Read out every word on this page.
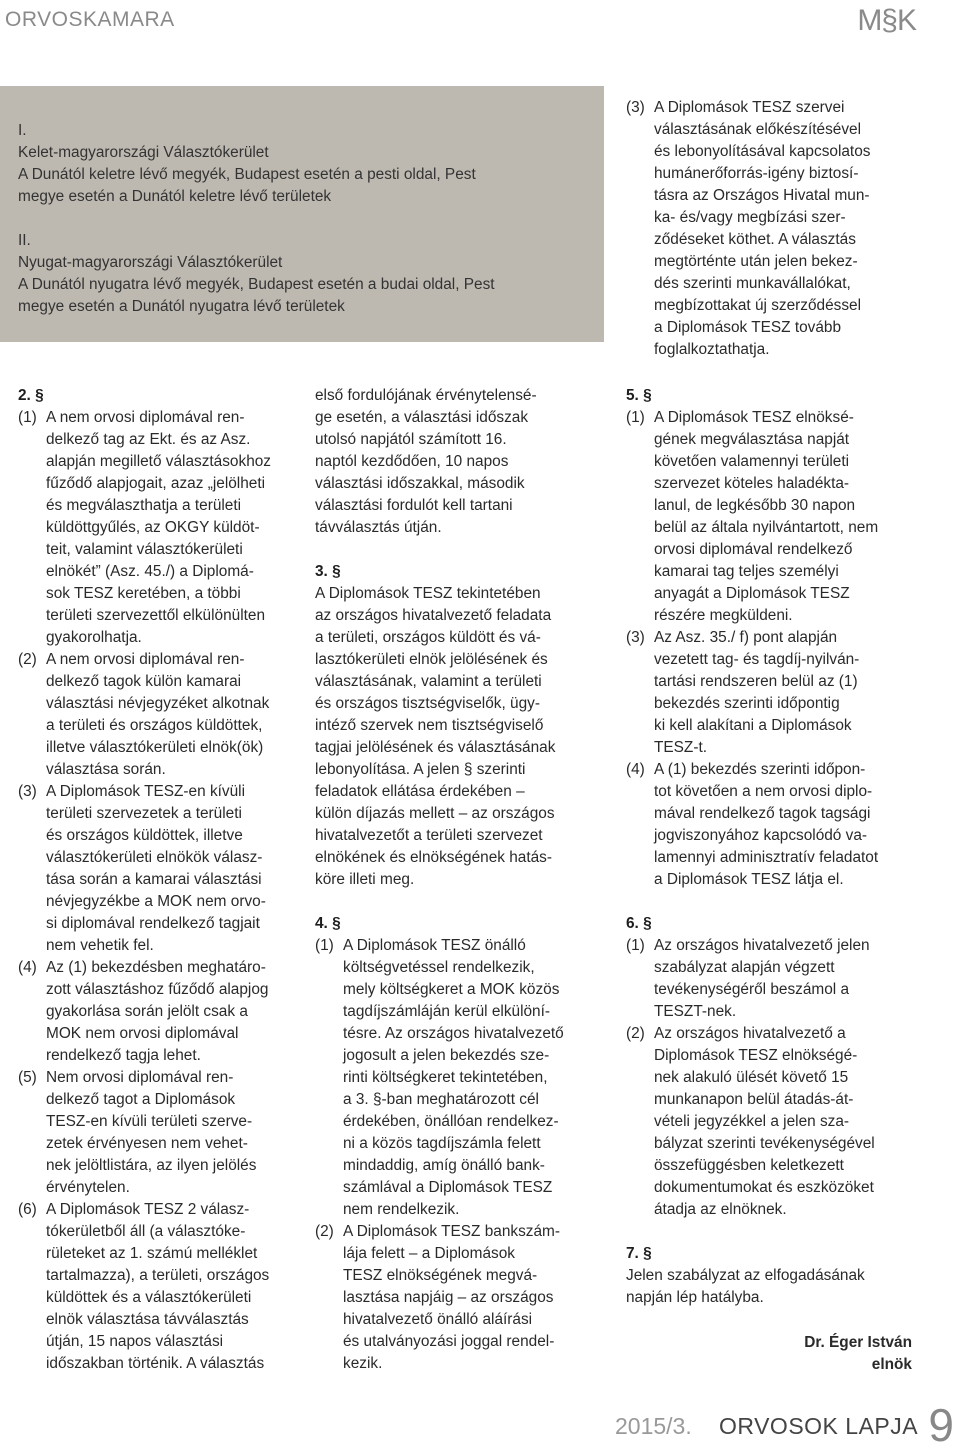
ORVOSKAMARA	M§K

I.

Kelet-magyarországi Választókerület

A Dunától keletre lévő megyék, Budapest esetén a pesti oldal, Pest

megye esetén a Dunától keletre lévő területek

II.

Nyugat-magyarországi Választókerület

A Dunától nyugatra lévő megyék, Budapest esetén a budai oldal, Pest

megye esetén a Dunától nyugatra lévő területek

(3) A Diplomások TESZ szervei

választásának előkészítésével

és lebonyolításával kapcsolatos

humánerőforrás-igény biztosí-

tásra az Országos Hivatal mun-

ka- és/vagy megbízási szer-

ződéseket köthet. A választás

megtörténte után jelen bekez-

dés szerinti munkavállalókat,

megbízottakat új szerződéssel

a Diplomások TESZ tovább

foglalkoztathatja.

2. §

(1) A nem orvosi diplomával ren-

delkező tag az Ekt. és az Asz.

alapján megillető választásokhoz

fűződő alapjogait, azaz „jelölheti

és megválaszthatja a területi

küldöttgyűlés, az OKGY küldöt-

teit, valamint választókerületi

elnökét” (Asz. 45./) a Diplomá-

sok TESZ keretében, a többi

területi szervezettől elkülönülten

gyakorolhatja.

(2) A nem orvosi diplomával ren-

delkező tagok külön kamarai

választási névjegyzéket alkotnak

a területi és országos küldöttek,

illetve választókerületi elnök(ök)

választása során.

(3) A Diplomások TESZ-en kívüli

területi szervezetek a területi

és országos küldöttek, illetve

választókerületi elnökök válasz-

tása során a kamarai választási

névjegyzékbe a MOK nem orvo-

si diplomával rendelkező tagjait

nem vehetik fel.

(4) Az (1) bekezdésben meghatáro-

zott választáshoz fűződő alapjog

gyakorlása során jelölt csak a

MOK nem orvosi diplomával

rendelkező tagja lehet.

(5) Nem orvosi diplomával ren-

delkező tagot a Diplomások

TESZ-en kívüli területi szerve-

zetek érvényesen nem vehet-

nek jelöltlistára, az ilyen jelölés

érvénytelen.

(6) A Diplomások TESZ 2 válasz-

tókerületből áll (a választóke-

rületeket az 1. számú melléklet

tartalmazza), a területi, országos

küldöttek és a választókerületi

elnök választása távválasztás

útján, 15 napos választási

időszakban történik. A választás

első fordulójának érvénytelensé-

ge esetén, a választási időszak

utolsó napjától számított 16.

naptól kezdődően, 10 napos

választási időszakkal, második

választási fordulót kell tartani

távválasztás útján.

3. §

A Diplomások TESZ tekintetében

az országos hivatalvezető feladata

a területi, országos küldött és vá-

lasztókerületi elnök jelölésének és

választásának, valamint a területi

és országos tisztségviselők, ügy-

intéző szervek nem tisztségviselő

tagjai jelölésének és választásának

lebonyolítása. A jelen § szerinti

feladatok ellátása érdekében –

külön díjazás mellett – az országos

hivatalvezetőt a területi szervezet

elnökének és elnökségének hatás-

köre illeti meg.

4. §

(1) A Diplomások TESZ önálló

költségvetéssel rendelkezik,

mely költségkeret a MOK közös

tagdíjszámláján kerül elkülöní-

tésre. Az országos hivatalvezető

jogosult a jelen bekezdés sze-

rinti költségkeret tekintetében,

a 3. §-ban meghatározott cél

érdekében, önállóan rendelkez-

ni a közös tagdíjszámla felett

mindaddig, amíg önálló bank-

számlával a Diplomások TESZ

nem rendelkezik.

(2) A Diplomások TESZ bankszám-

lája felett – a Diplomások

TESZ elnökségének megvá-

lasztása napjáig – az országos

hivatalvezető önálló aláírási

és utalványozási joggal rendel-

kezik.

5. §

(1) A Diplomások TESZ elnöksé-

gének megválasztása napját

követően valamennyi területi

szervezet köteles haladékta-

lanul, de legkésőbb 30 napon

belül az általa nyilvántartott, nem

orvosi diplomával rendelkező

kamarai tag teljes személyi

anyagát a Diplomások TESZ

részére megküldeni.

(3) Az Asz. 35./ f) pont alapján

vezetett tag- és tagdíj-nyilván-

tartási rendszeren belül az (1)

bekezdés szerinti időpontig

ki kell alakítani a Diplomások

TESZ-t.

(4) A (1) bekezdés szerinti időpon-

tot követően a nem orvosi diplo-

mával rendelkező tagok tagsági

jogviszonyához kapcsolódó va-

lamennyi adminisztratív feladatot

a Diplomások TESZ látja el.

6. §

(1) Az országos hivatalvezető jelen

szabályzat alapján végzett

tevékenységéről beszámol a

TESZT-nek.

(2) Az országos hivatalvezető a

Diplomások TESZ elnökségé-

nek alakuló ülését követő 15

munkanapon belül átadás-át-

vételi jegyzékkel a jelen sza-

bályzat szerinti tevékenységével

összefüggésben keletkezett

dokumentumokat és eszközöket

átadja az elnöknek.

7. §

Jelen szabályzat az elfogadásának

napján lép hatályba.

Dr. Éger István
elnök
2015/3. ORVOSOK LAPJA 9
